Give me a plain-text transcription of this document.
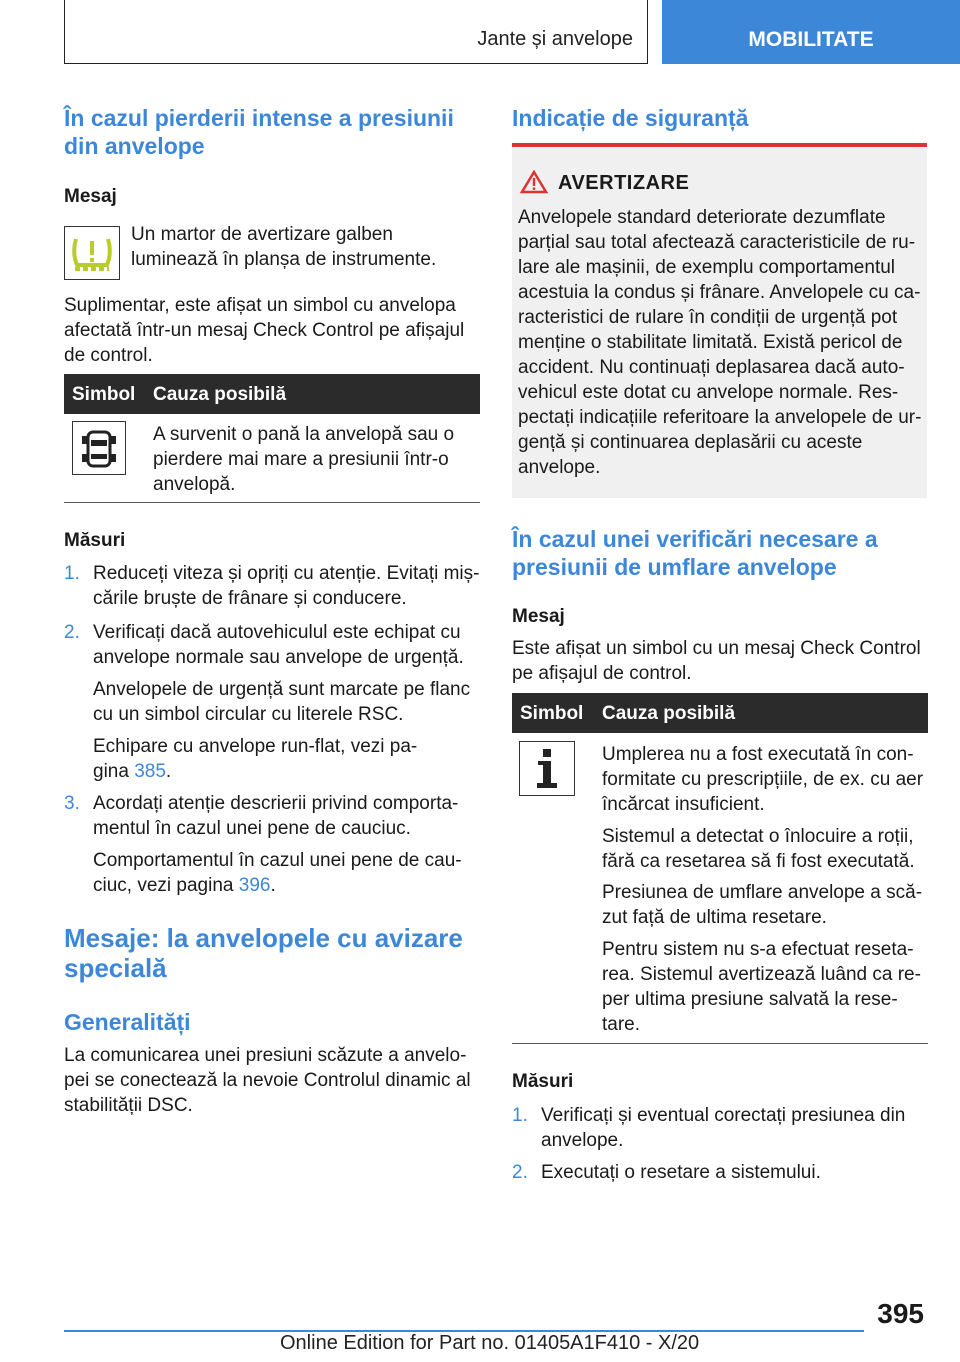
Jante și anvelope	MOBILITATE
În cazul pierderii intense a presiunii din anvelope
Mesaj
Un martor de avertizare galben luminează în planșa de instrumente.
Suplimentar, este afișat un simbol cu anvelopa afectată într-un mesaj Check Control pe afișajul de control.
Simbol Cauza posibilă
A survenit o pană la anvelopă sau o pierdere mai mare a presiunii într-o anvelopă.
Măsuri
1. Reduceți viteza și opriți cu atenție. Evitați miș-cările bruște de frânare și conducere.
2. Verificați dacă autovehiculul este echipat cu anvelope normale sau anvelope de urgență.
Anvelopele de urgență sunt marcate pe flanc cu un simbol circular cu literele RSC.
Echipare cu anvelope run-flat, vezi pa-gina 385.
3. Acordați atenție descrierii privind comporta-mentul în cazul unei pene de cauciuc.
Comportamentul în cazul unei pene de cau-ciuc, vezi pagina 396.
Mesaje: la anvelopele cu avizare specială
Generalități
La comunicarea unei presiuni scăzute a anvelo-pei se conectează la nevoie Controlul dinamic al stabilității DSC.
Indicație de siguranță
AVERTIZARE
Anvelopele standard deteriorate dezumflate parțial sau total afectează caracteristicile de ru-lare ale mașinii, de exemplu comportamentul acestuia la condus și frânare. Anvelopele cu ca-racteristici de rulare în condiții de urgență pot menține o stabilitate limitată. Există pericol de accident. Nu continuați deplasarea dacă auto-vehicul este dotat cu anvelope normale. Res-pectați indicațiile referitoare la anvelopele de ur-gență și continuarea deplasării cu aceste anvelope.
În cazul unei verificări necesare a presiunii de umflare anvelope
Mesaj
Este afișat un simbol cu un mesaj Check Control pe afișajul de control.
Simbol Cauza posibilă
Umplerea nu a fost executată în con-formitate cu prescripțiile, de ex. cu aer încărcat insuficient.
Sistemul a detectat o înlocuire a roții, fără ca resetarea să fi fost executată.
Presiunea de umflare anvelope a scă-zut față de ultima resetare.
Pentru sistem nu s-a efectuat reseta-rea. Sistemul avertizează luând ca re-per ultima presiune salvată la rese-tare.
Măsuri
1. Verificați și eventual corectați presiunea din anvelope.
2. Executați o resetare a sistemului.
395
Online Edition for Part no. 01405A1F410 - X/20
